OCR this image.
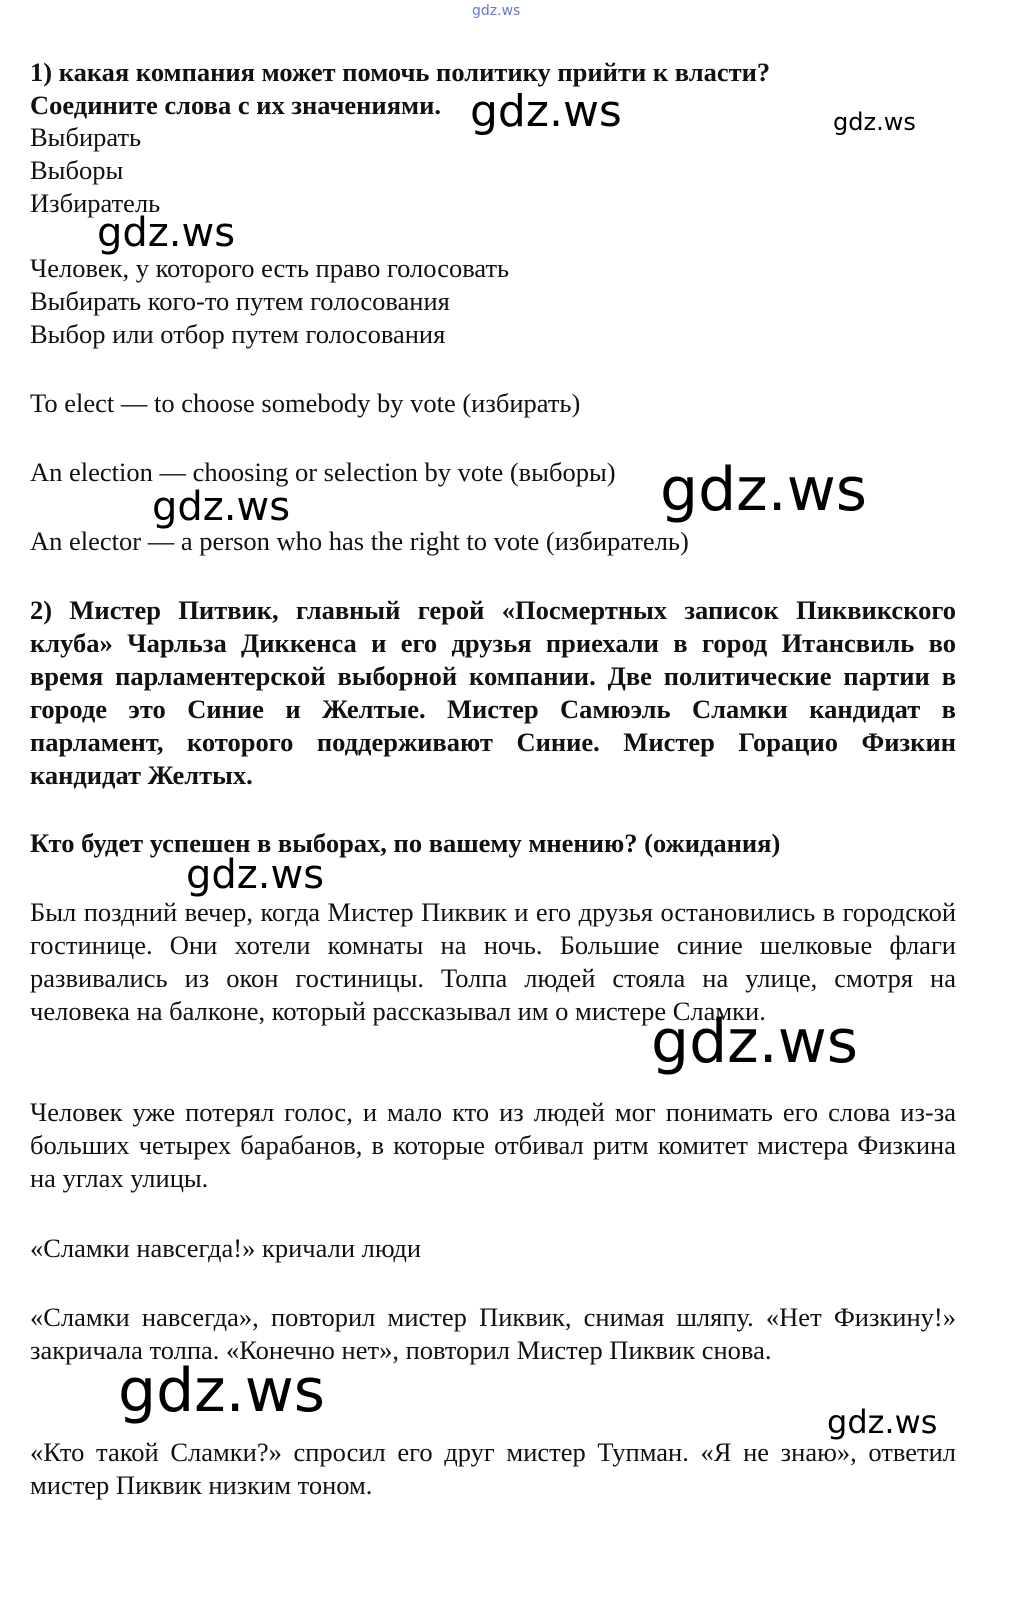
gdz.ws

1) какая компания может помочь политику прийти к власти?

Соедините слова с их значениями.

Выбирать

Выборы

Избиратель

Человек, у которого есть право голосовать

Выбирать кого-то путем голосования

Выбор или отбор путем голосования

To elect — to choose somebody by vote (избирать)

An election — choosing or selection by vote (выборы)

An elector — a person who has the right to vote (избиратель)

2) Мистер Питвик, главный герой «Посмертных записок Пиквикского клуба» Чарльза Диккенса и его друзья приехали в город Итансвиль во время парламентерской выборной компании. Две политические партии в городе это Синие и Желтые. Мистер Самюэль Сламки кандидат в парламент, которого поддерживают Синие. Мистер Горацио Физкин кандидат Желтых.

Кто будет успешен в выборах, по вашему мнению? (ожидания)

Был поздний вечер, когда Мистер Пиквик и его друзья остановились в городской гостинице. Они хотели комнаты на ночь. Большие синие шелковые флаги развивались из окон гостиницы. Толпа людей стояла на улице, смотря на человека на балконе, который рассказывал им о мистере Сламки.

Человек уже потерял голос, и мало кто из людей мог понимать его слова из-за больших четырех барабанов, в которые отбивал ритм комитет мистера Физкина на углах улицы.

«Сламки навсегда!» кричали люди

«Сламки навсегда», повторил мистер Пиквик, снимая шляпу. «Нет Физкину!» закричала толпа. «Конечно нет», повторил Мистер Пиквик снова.

«Кто такой Сламки?» спросил его друг мистер Тупман. «Я не знаю», ответил мистер Пиквик низким тоном.

gdz.ws	gdz.ws
gdz.ws
gdz.ws
gdz.ws
gdz.ws
gdz.ws
gdz.ws	gdz.ws
